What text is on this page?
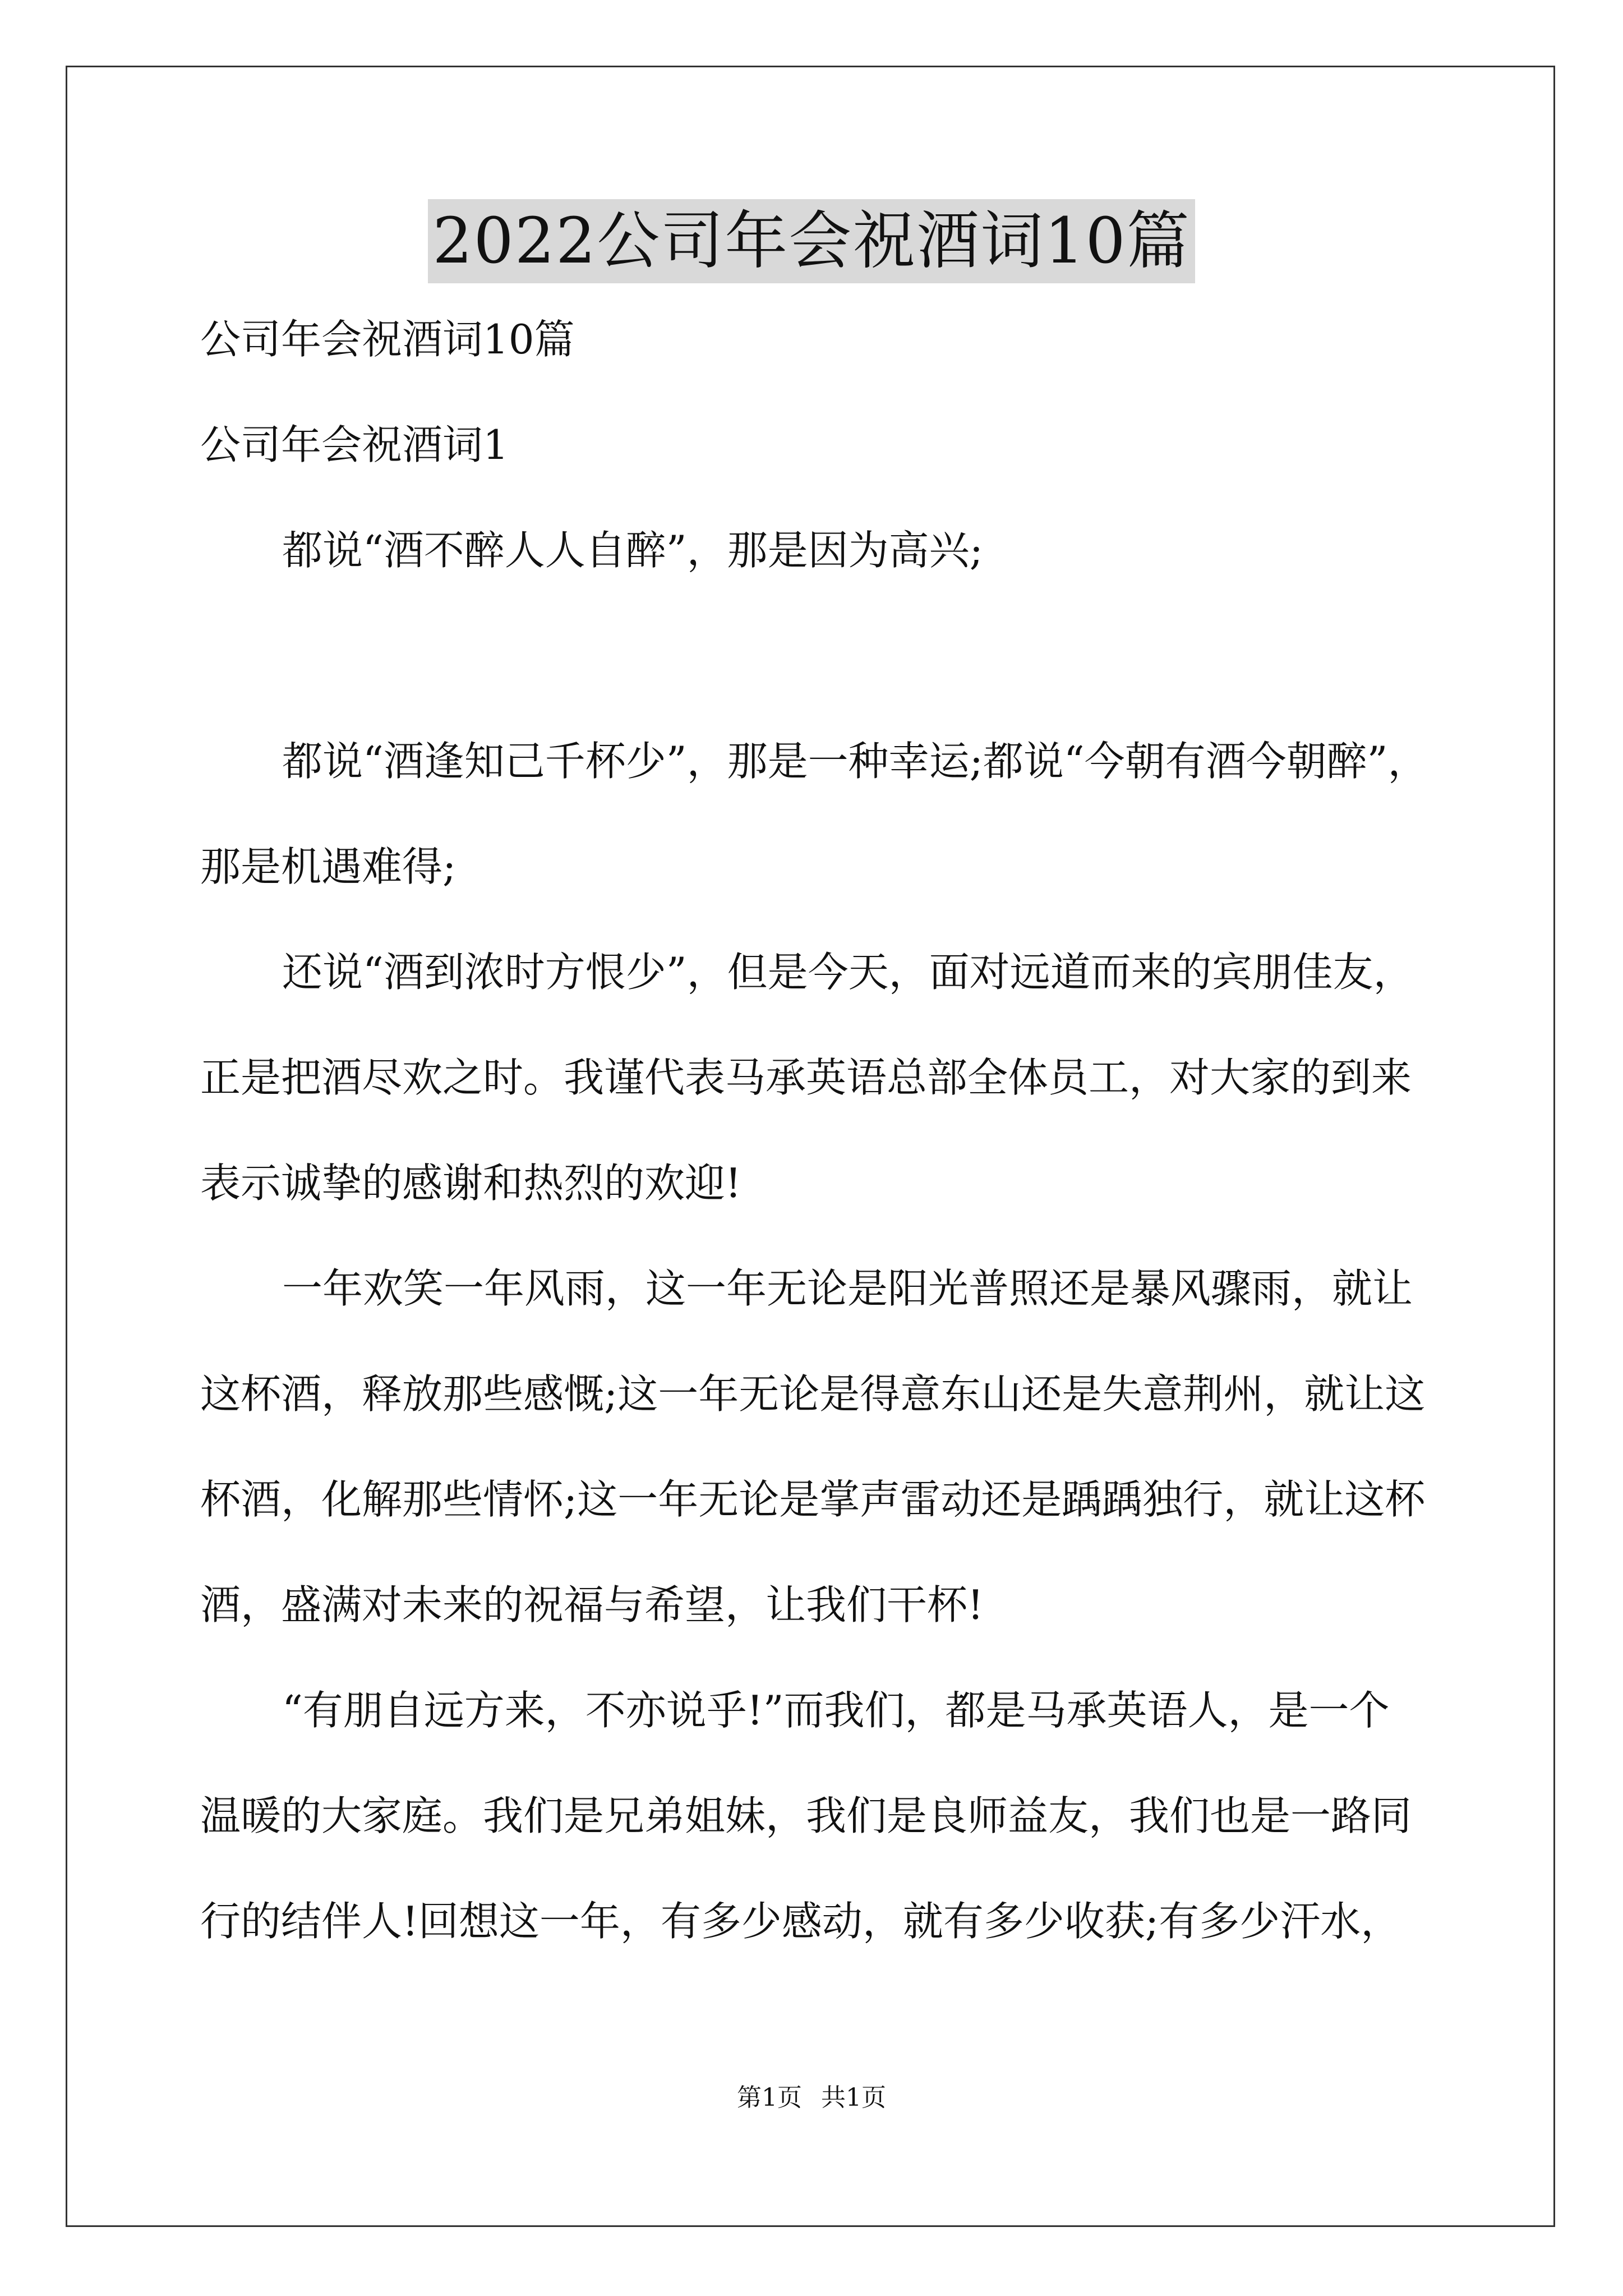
2022公司年会祝酒词10篇
公司年会祝酒词10篇
公司年会祝酒词1
都说“酒不醉人人自醉”，那是因为高兴;
都说“酒逢知己千杯少”，那是一种幸运;都说“今朝有酒今朝醉”，
那是机遇难得;
还说“酒到浓时方恨少”，但是今天，面对远道而来的宾朋佳友，
正是把酒尽欢之时。我谨代表马承英语总部全体员工，对大家的到来
表示诚挚的感谢和热烈的欢迎!
一年欢笑一年风雨，这一年无论是阳光普照还是暴风骤雨，就让
这杯酒，释放那些感慨;这一年无论是得意东山还是失意荆州，就让这
杯酒，化解那些情怀;这一年无论是掌声雷动还是踽踽独行，就让这杯
酒，盛满对未来的祝福与希望，让我们干杯!
“有朋自远方来，不亦说乎!”而我们，都是马承英语人，是一个
温暖的大家庭。我们是兄弟姐妹，我们是良师益友，我们也是一路同
行的结伴人!回想这一年，有多少感动，就有多少收获;有多少汗水，
第1页 共1页
